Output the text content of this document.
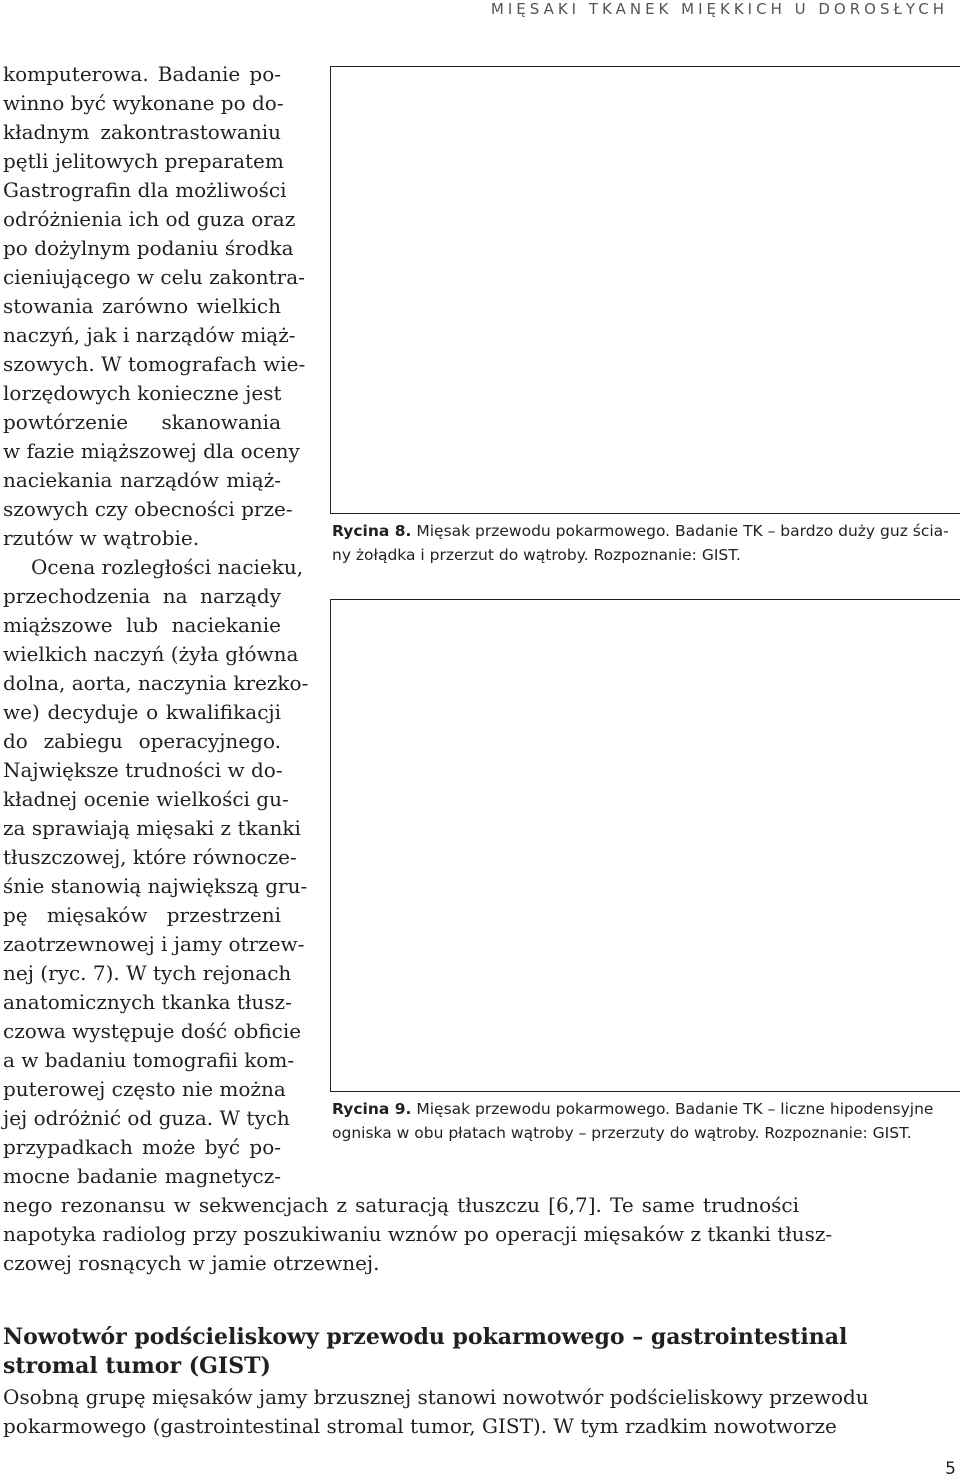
MIĘSAKI TKANEK MIĘKKICH U DOROSŁYCH
komputerowa. Badanie po-
winno być wykonane po do-
kładnym zakontrastowaniu
pętli jelitowych preparatem
Gastrografin dla możliwości
odróżnienia ich od guza oraz
po dożylnym podaniu środka
cieniującego w celu zakontra-
stowania zarówno wielkich
naczyń, jak i narządów miąż-
szowych. W tomografach wie-
lorzędowych konieczne jest
powtórzenie skanowania
w fazie miąższowej dla oceny
naciekania narządów miąż-
szowych czy obecności prze-
rzutów w wątrobie.
Ocena rozległości nacieku,
przechodzenia na narządy
miąższowe lub naciekanie
wielkich naczyń (żyła główna
dolna, aorta, naczynia krezko-
we) decyduje o kwalifikacji
do zabiegu operacyjnego.
Największe trudności w do-
kładnej ocenie wielkości gu-
za sprawiają mięsaki z tkanki
tłuszczowej, które równocze-
śnie stanowią największą gru-
pę mięsaków przestrzeni
zaotrzewnowej i jamy otrzew-
nej (ryc. 7). W tych rejonach
anatomicznych tkanka tłusz-
czowa występuje dość obficie
a w badaniu tomografii kom-
puterowej często nie można
jej odróżnić od guza. W tych
przypadkach może być po-
mocne badanie magnetycz-
nego rezonansu w sekwencjach z saturacją tłuszczu [6,7]. Te same trudności
napotyka radiolog przy poszukiwaniu wznów po operacji mięsaków z tkanki tłusz-
czowej rosnących w jamie otrzewnej.
Rycina 8. Mięsak przewodu pokarmowego. Badanie TK – bardzo duży guz ścia-
ny żołądka i przerzut do wątroby. Rozpoznanie: GIST.
Rycina 9. Mięsak przewodu pokarmowego. Badanie TK – liczne hipodensyjne
ogniska w obu płatach wątroby – przerzuty do wątroby. Rozpoznanie: GIST.
Nowotwór podścieliskowy przewodu pokarmowego – gastrointestinal
stromal tumor (GIST)
Osobną grupę mięsaków jamy brzusznej stanowi nowotwór podścieliskowy przewodu
pokarmowego (gastrointestinal stromal tumor, GIST). W tym rzadkim nowotworze
5
